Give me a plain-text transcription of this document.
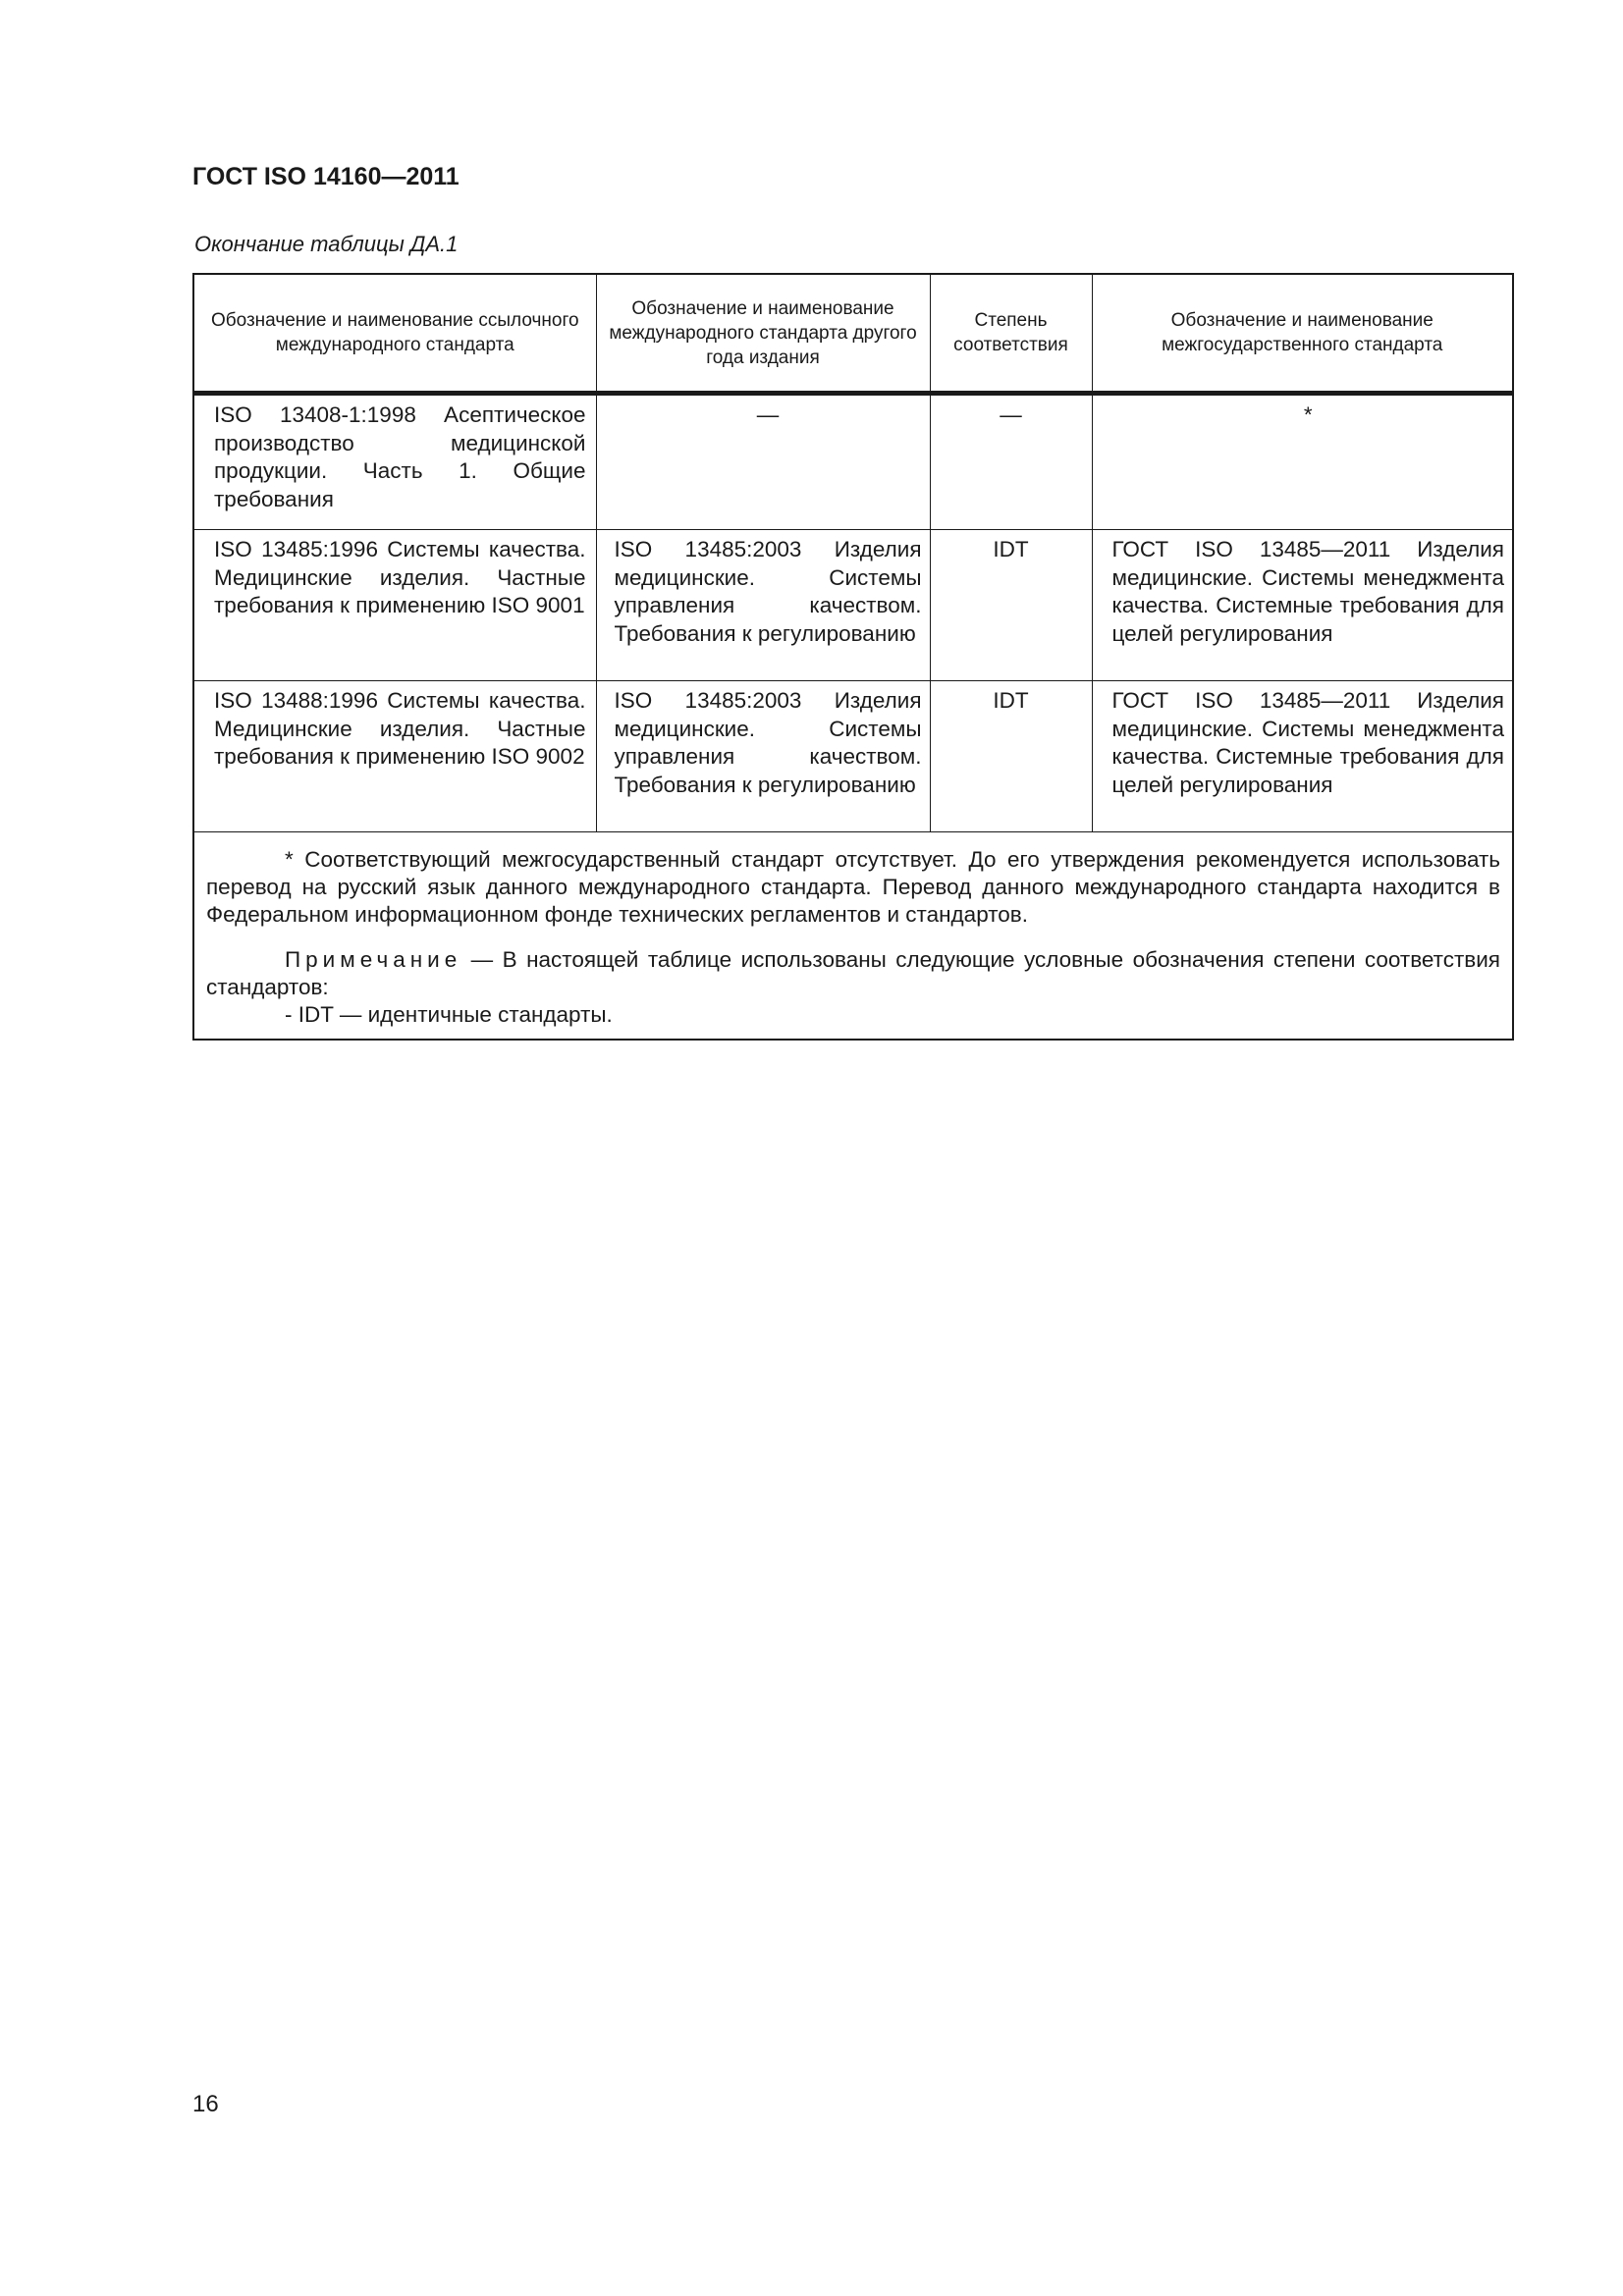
ГОСТ ISO 14160—2011
Окончание таблицы ДА.1
Обозначение и наименование ссылочного международного стандарта	Обозначение и наименование международного стандарта другого года издания	Степень соответствия	Обозначение и наименование межгосударственного стандарта
ISO 13408-1:1998 Асептическое производство медицинской продукции. Часть 1. Общие требования	—	—	*
ISO 13485:1996 Системы качества. Медицинские изделия. Частные требования к применению ISO 9001	ISO 13485:2003 Изделия медицинские. Системы управления качеством. Требования к регулированию	IDT	ГОСТ ISO 13485—2011 Изделия медицинские. Системы менеджмента качества. Системные требования для целей регулирования
ISO 13488:1996 Системы качества. Медицинские изделия. Частные требования к применению ISO 9002	ISO 13485:2003 Изделия медицинские. Системы управления качеством. Требования к регулированию	IDT	ГОСТ ISO 13485—2011 Изделия медицинские. Системы менеджмента качества. Системные требования для целей регулирования

* Соответствующий межгосударственный стандарт отсутствует. До его утверждения рекомендуется использовать перевод на русский язык данного международного стандарта. Перевод данного международного стандарта находится в Федеральном информационном фонде технических регламентов и стандартов.

Примечание — В настоящей таблице использованы следующие условные обозначения степени соответствия стандартов:

- IDT — идентичные стандарты.			

16
